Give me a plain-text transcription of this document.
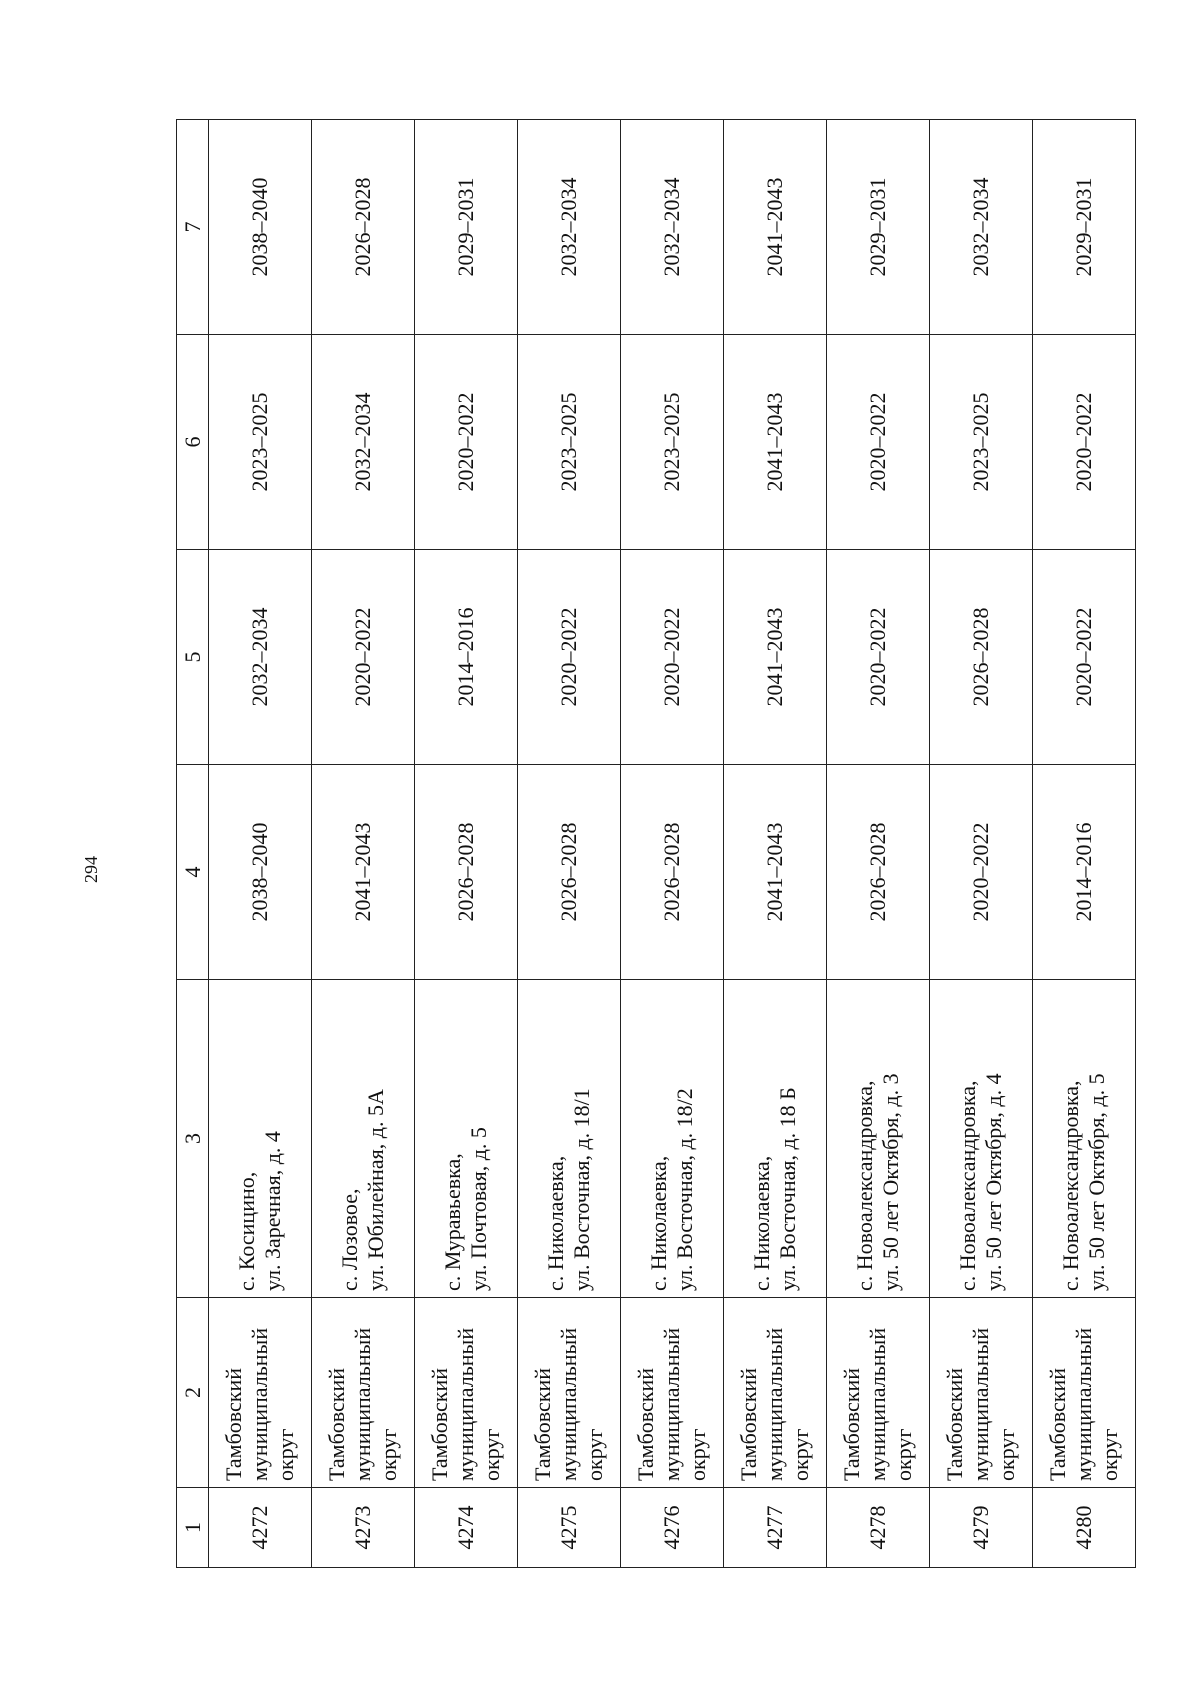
294
1	2	3	4	5	6	7
4272	Тамбовский муниципальный округ	с. Косицино, ул. Заречная, д. 4	2038–2040	2032–2034	2023–2025	2038–2040
4273	Тамбовский муниципальный округ	с. Лозовое, ул. Юбилейная, д. 5А	2041–2043	2020–2022	2032–2034	2026–2028
4274	Тамбовский муниципальный округ	с. Муравьевка, ул. Почтовая, д. 5	2026–2028	2014–2016	2020–2022	2029–2031
4275	Тамбовский муниципальный округ	с. Николаевка, ул. Восточная, д. 18/1	2026–2028	2020–2022	2023–2025	2032–2034
4276	Тамбовский муниципальный округ	с. Николаевка, ул. Восточная, д. 18/2	2026–2028	2020–2022	2023–2025	2032–2034
4277	Тамбовский муниципальный округ	с. Николаевка, ул. Восточная, д. 18 Б	2041–2043	2041–2043	2041–2043	2041–2043
4278	Тамбовский муниципальный округ	с. Новоалександровка, ул. 50 лет Октября, д. 3	2026–2028	2020–2022	2020–2022	2029–2031
4279	Тамбовский муниципальный округ	с. Новоалександровка, ул. 50 лет Октября, д. 4	2020–2022	2026–2028	2023–2025	2032–2034
4280	Тамбовский муниципальный округ	с. Новоалександровка, ул. 50 лет Октября, д. 5	2014–2016	2020–2022	2020–2022	2029–2031
